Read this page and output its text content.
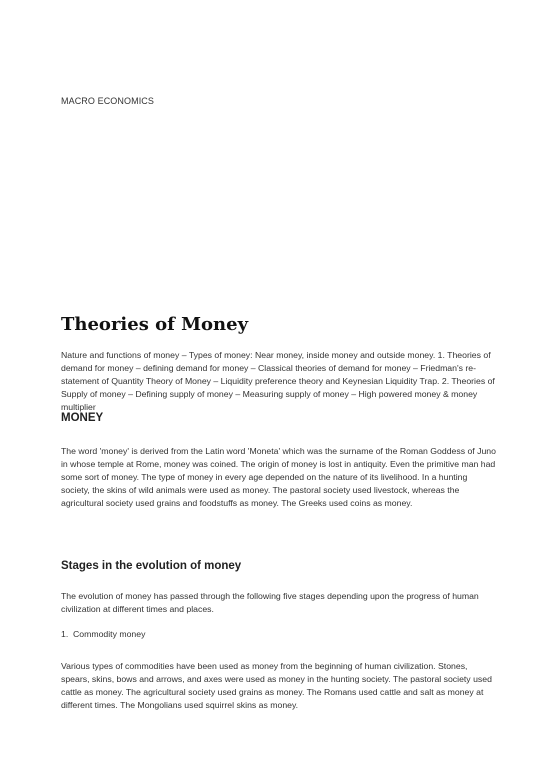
MACRO ECONOMICS
Theories of Money

Nature and functions of money – Types of money: Near money, inside money and outside money. 1. Theories of demand for money – defining demand for money – Classical theories of demand for money – Friedman's re-statement of Quantity Theory of Money – Liquidity preference theory and Keynesian Liquidity Trap. 2. Theories of Supply of money – Defining supply of money – Measuring supply of money – High powered money & money multiplier

MONEY

The word 'money' is derived from the Latin word 'Moneta' which was the surname of the Roman Goddess of Juno in whose temple at Rome, money was coined. The origin of money is lost in antiquity. Even the primitive man had some sort of money. The type of money in every age depended on the nature of its livelihood. In a hunting society, the skins of wild animals were used as money. The pastoral society used livestock, whereas the agricultural society used grains and foodstuffs as money. The Greeks used coins as money.

Stages in the evolution of money

The evolution of money has passed through the following five stages depending upon the progress of human civilization at different times and places.

1. Commodity money

Various types of commodities have been used as money from the beginning of human civilization. Stones, spears, skins, bows and arrows, and axes were used as money in the hunting society. The pastoral society used cattle as money. The agricultural society used grains as money. The Romans used cattle and salt as money at different times. The Mongolians used squirrel skins as money.
